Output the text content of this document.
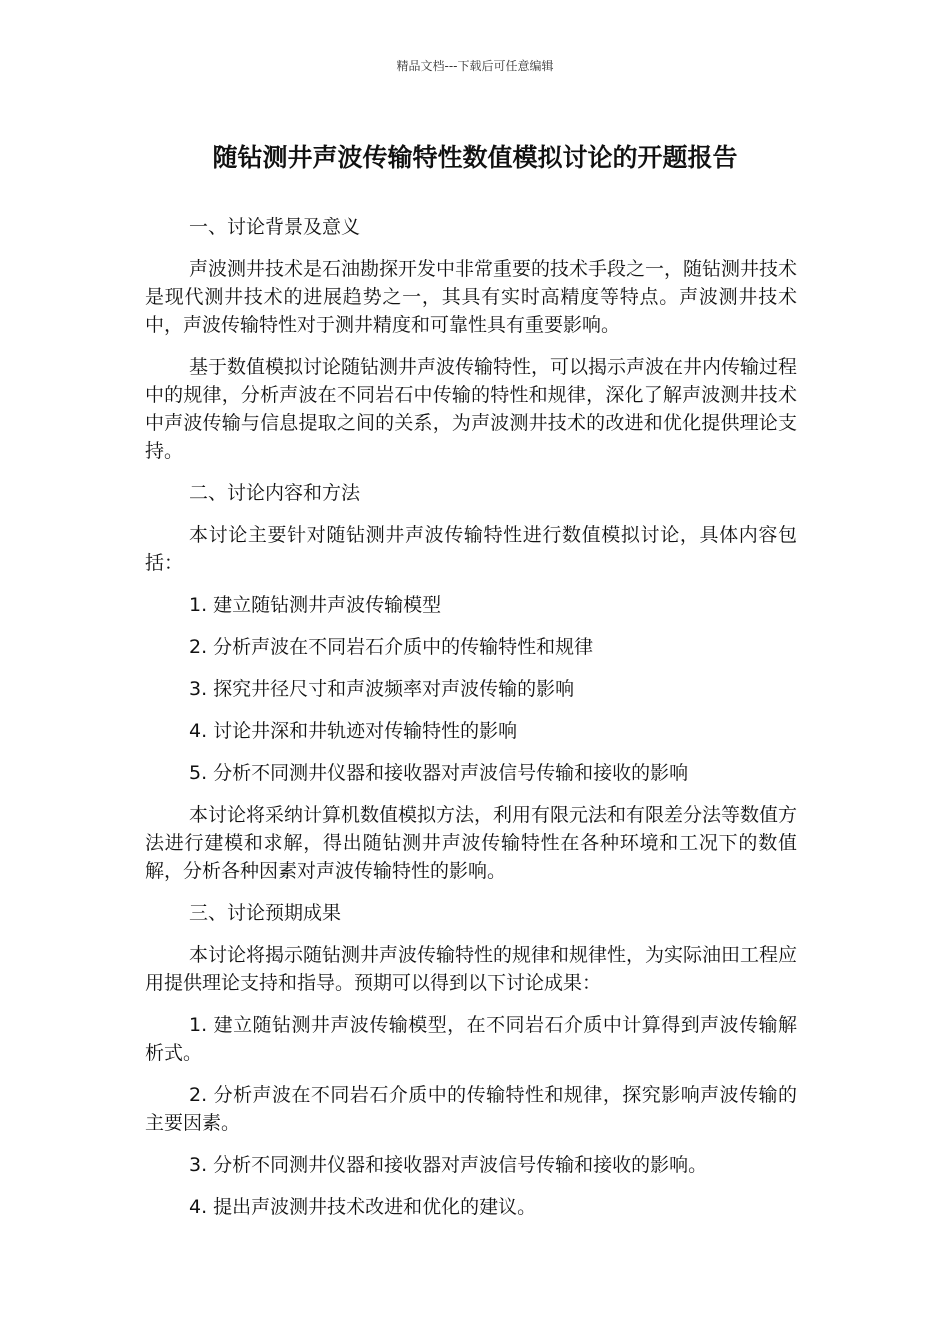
精品文档---下载后可任意编辑
随钻测井声波传输特性数值模拟讨论的开题报告

一、讨论背景及意义

声波测井技术是石油勘探开发中非常重要的技术手段之一，随钻测井技术是现代测井技术的进展趋势之一，其具有实时高精度等特点。声波测井技术中，声波传输特性对于测井精度和可靠性具有重要影响。

基于数值模拟讨论随钻测井声波传输特性，可以揭示声波在井内传输过程中的规律，分析声波在不同岩石中传输的特性和规律，深化了解声波测井技术中声波传输与信息提取之间的关系，为声波测井技术的改进和优化提供理论支持。

二、讨论内容和方法

本讨论主要针对随钻测井声波传输特性进行数值模拟讨论，具体内容包括：

1. 建立随钻测井声波传输模型

2. 分析声波在不同岩石介质中的传输特性和规律

3. 探究井径尺寸和声波频率对声波传输的影响

4. 讨论井深和井轨迹对传输特性的影响

5. 分析不同测井仪器和接收器对声波信号传输和接收的影响

本讨论将采纳计算机数值模拟方法，利用有限元法和有限差分法等数值方法进行建模和求解，得出随钻测井声波传输特性在各种环境和工况下的数值解，分析各种因素对声波传输特性的影响。

三、讨论预期成果

本讨论将揭示随钻测井声波传输特性的规律和规律性，为实际油田工程应用提供理论支持和指导。预期可以得到以下讨论成果：

1. 建立随钻测井声波传输模型，在不同岩石介质中计算得到声波传输解析式。

2. 分析声波在不同岩石介质中的传输特性和规律，探究影响声波传输的主要因素。

3. 分析不同测井仪器和接收器对声波信号传输和接收的影响。

4. 提出声波测井技术改进和优化的建议。
